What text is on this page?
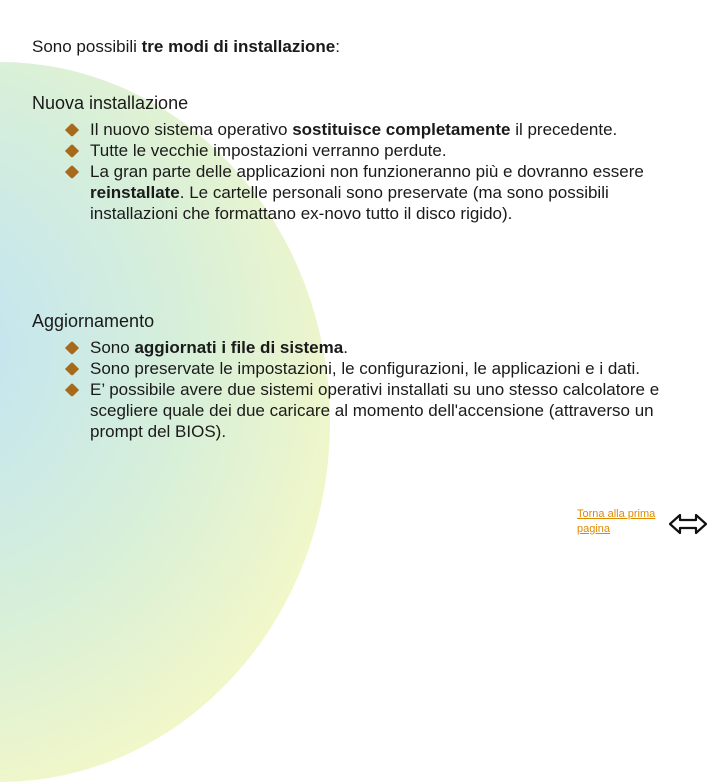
Sono possibili tre modi di installazione:
Nuova installazione
Il nuovo sistema operativo sostituisce completamente il precedente.
Tutte le vecchie impostazioni verranno perdute.
La gran parte delle applicazioni non funzioneranno più e dovranno essere reinstallate. Le cartelle personali sono preservate (ma sono possibili installazioni che formattano ex-novo tutto il disco rigido).
Aggiornamento
Sono aggiornati i file di sistema.
Sono preservate le impostazioni, le configurazioni, le applicazioni e i dati.
E’ possibile avere due sistemi operativi installati su uno stesso calcolatore e scegliere quale dei due caricare al momento dell'accensione (attraverso un prompt del BIOS).
Torna alla prima pagina
